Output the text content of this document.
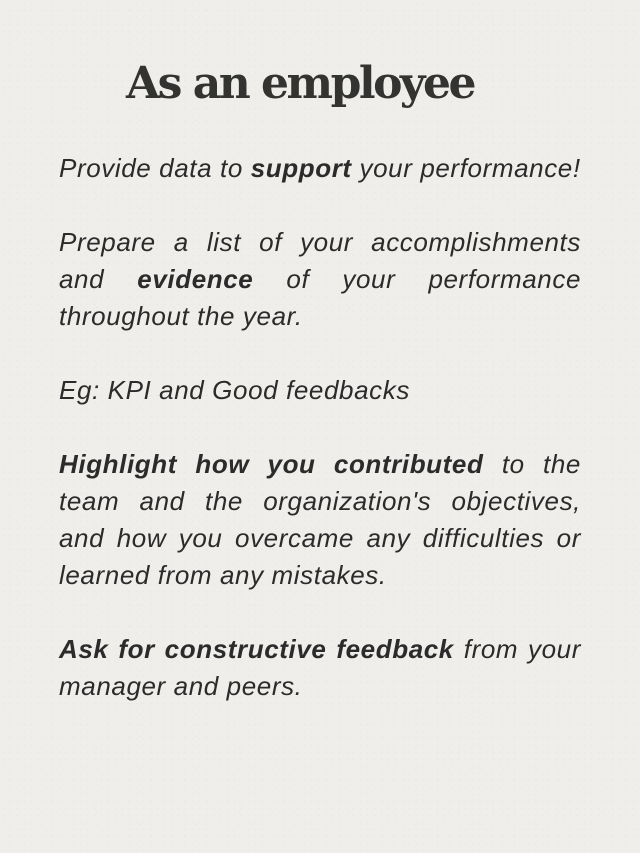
As an employee

Provide data to support your performance!

Prepare a list of your accomplishments and evidence of your performance throughout the year.

Eg: KPI and Good feedbacks

Highlight how you contributed to the team and the organization's objectives, and how you overcame any difficulties or learned from any mistakes.

Ask for constructive feedback from your manager and peers.
